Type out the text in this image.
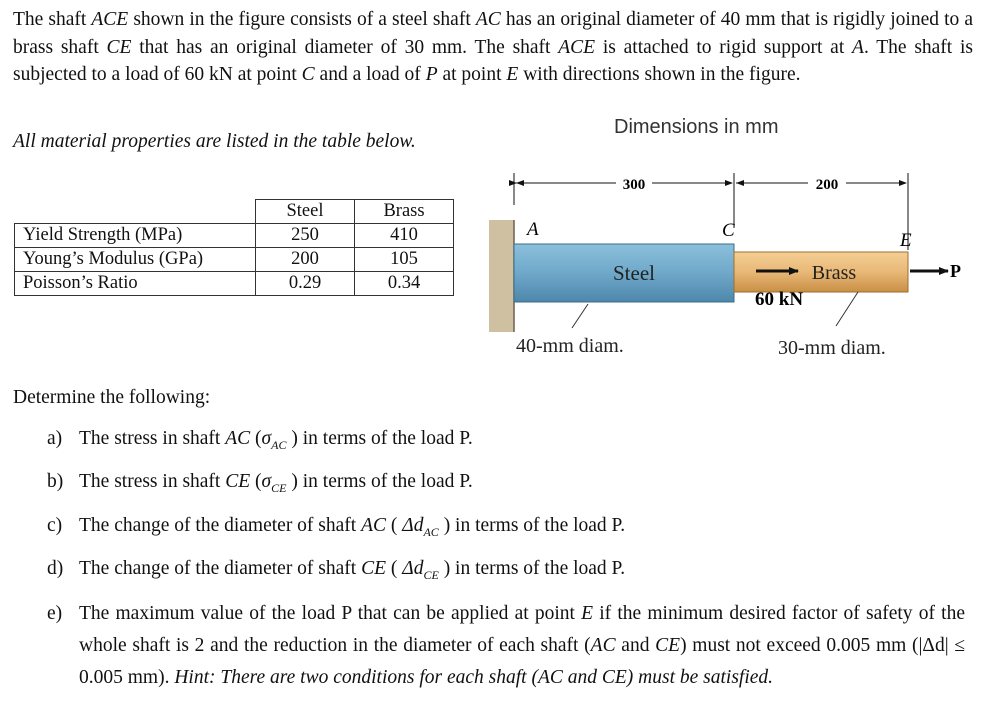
The shaft ACE shown in the figure consists of a steel shaft AC has an original diameter of 40 mm that is rigidly joined to a brass shaft CE that has an original diameter of 30 mm. The shaft ACE is attached to rigid support at A. The shaft is subjected to a load of 60 kN at point C and a load of P at point E with directions shown in the figure.
All material properties are listed in the table below.
Dimensions in mm
	Steel	Brass
Yield Strength (MPa)	250	410
Young’s Modulus (GPa)	200	105
Poisson’s Ratio	0.29	0.34
300	200
A	C	E
Steel	Brass
60 kN
P
40-mm diam.	30-mm diam.
Determine the following:
a) The stress in shaft AC ($\sigma_{AC}$ ) in terms of the load P.
b) The stress in shaft CE ($\sigma_{CE}$ ) in terms of the load P.
c) The change of the diameter of shaft AC ( $\Delta d_{AC}$ ) in terms of the load P.
d) The change of the diameter of shaft CE ( $\Delta d_{CE}$ ) in terms of the load P.
e) The maximum value of the load P that can be applied at point E if the minimum desired factor of safety of the whole shaft is 2 and the reduction in the diameter of each shaft (AC and CE) must not exceed 0.005 mm (|Δd| ≤ 0.005 mm). Hint: There are two conditions for each shaft (AC and CE) must be satisfied.
